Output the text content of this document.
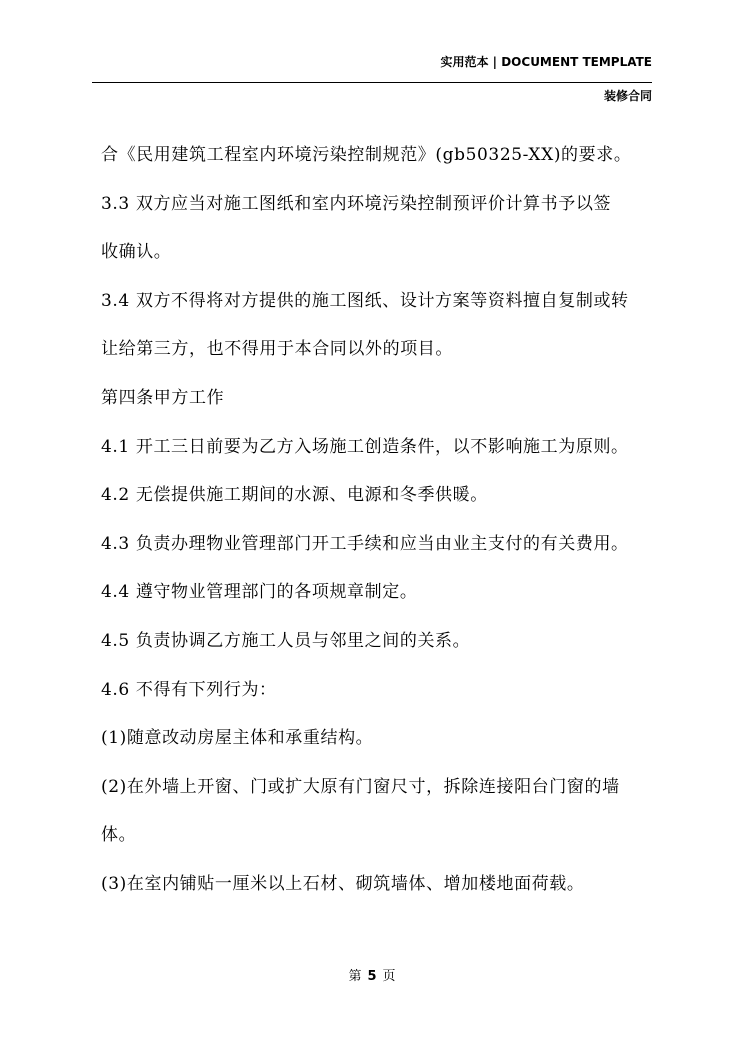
实用范本 | DOCUMENT TEMPLATE
装修合同
合《民用建筑工程室内环境污染控制规范》(gb50325-XX)的要求。
3.3 双方应当对施工图纸和室内环境污染控制预评价计算书予以签
收确认。
3.4 双方不得将对方提供的施工图纸、设计方案等资料擅自复制或转
让给第三方，也不得用于本合同以外的项目。
第四条甲方工作
4.1 开工三日前要为乙方入场施工创造条件，以不影响施工为原则。
4.2 无偿提供施工期间的水源、电源和冬季供暖。
4.3 负责办理物业管理部门开工手续和应当由业主支付的有关费用。
4.4 遵守物业管理部门的各项规章制定。
4.5 负责协调乙方施工人员与邻里之间的关系。
4.6 不得有下列行为：
(1)随意改动房屋主体和承重结构。
(2)在外墙上开窗、门或扩大原有门窗尺寸，拆除连接阳台门窗的墙
体。
(3)在室内铺贴一厘米以上石材、砌筑墙体、增加楼地面荷载。
第 5 页
